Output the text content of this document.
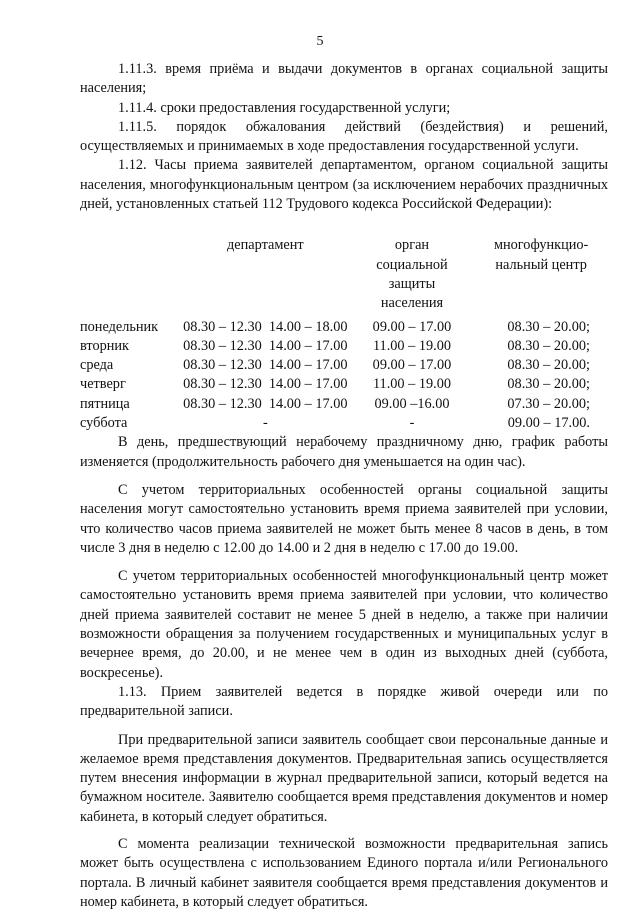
5

1.11.3. время приёма и выдачи документов в органах социальной защиты населения;

1.11.4. сроки предоставления государственной услуги;

1.11.5. порядок обжалования действий (бездействия) и решений, осуществляемых и принимаемых в ходе предоставления государственной услуги.

1.12. Часы приема заявителей департаментом, органом социальной защиты населения, многофункциональным центром (за исключением нерабочих праздничных дней, установленных статьей 112 Трудового кодекса Российской Федерации):

	департамент	орган социальной защиты населения	многофункцио-нальный центр
понедельник	08.30 – 12.30  14.00 – 18.00	09.00 – 17.00	08.30 – 20.00;
вторник	08.30 – 12.30  14.00 – 17.00	11.00 – 19.00	08.30 – 20.00;
среда	08.30 – 12.30  14.00 – 17.00	09.00 – 17.00	08.30 – 20.00;
четверг	08.30 – 12.30  14.00 – 17.00	11.00 – 19.00	08.30 – 20.00;
пятница	08.30 – 12.30  14.00 – 17.00	09.00 –16.00	07.30 – 20.00;
суббота	-	-	09.00 – 17.00.

В день, предшествующий нерабочему праздничному дню, график работы изменяется (продолжительность рабочего дня уменьшается на один час).

С учетом территориальных особенностей органы социальной защиты населения могут самостоятельно установить время приема заявителей при условии, что количество часов приема заявителей не может быть менее 8 часов в день, в том числе 3 дня в неделю с 12.00 до 14.00 и 2 дня в неделю с 17.00 до 19.00.

С учетом территориальных особенностей многофункциональный центр может самостоятельно установить время приема заявителей при условии, что количество дней приема заявителей составит не менее 5 дней в неделю, а также при наличии возможности обращения за получением государственных и муниципальных услуг в вечернее время, до 20.00, и не менее чем в один из выходных дней (суббота, воскресенье).

1.13. Прием заявителей ведется в порядке живой очереди или по предварительной записи.

При предварительной записи заявитель сообщает свои персональные данные и желаемое время представления документов. Предварительная запись осуществляется путем внесения информации в журнал предварительной записи, который ведется на бумажном носителе. Заявителю сообщается время представления документов и номер кабинета, в который следует обратиться.

С момента реализации технической возможности предварительная запись может быть осуществлена с использованием Единого портала и/или Регионального портала. В личный кабинет заявителя сообщается время представления документов и номер кабинета, в который следует обратиться.
